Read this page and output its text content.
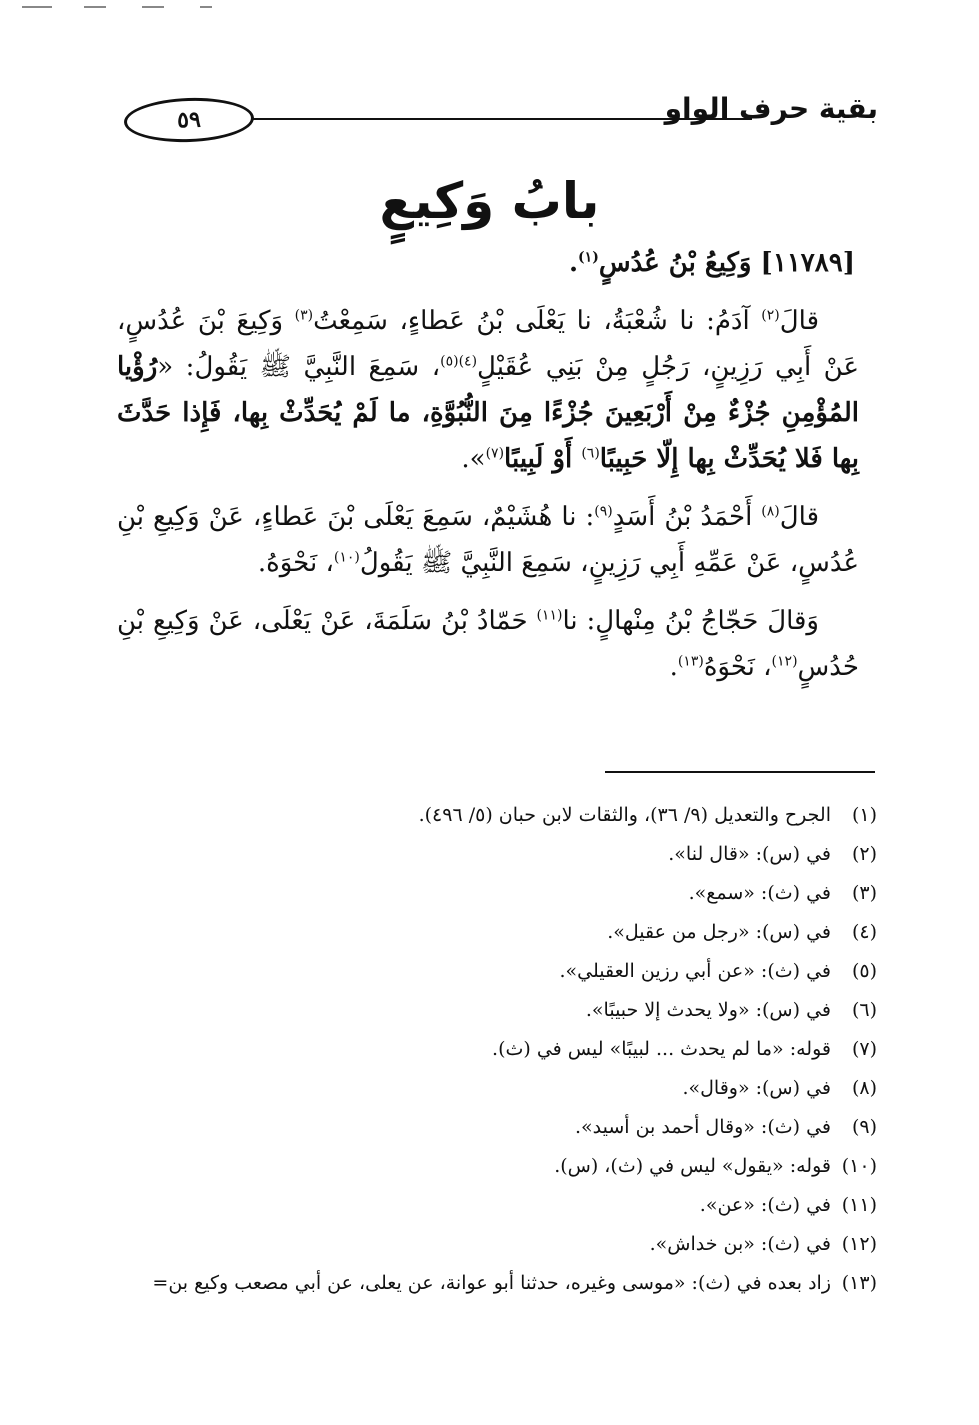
٥٩	بقية حرف الواو
بابُ وَكِيعٍ
[١١٧٨٩] وَكِيعُ بْنُ عُدُسٍ$^{(١)}$.

قالَ$^{(٢)}$ آدَمُ: نا شُعْبَةُ، نا يَعْلَى بْنُ عَطاءٍ، سَمِعْتُ$^{(٣)}$ وَكِيعَ بْنَ عُدُسٍ، عَنْ أَبِي رَزِينٍ، رَجُلٍ مِنْ بَنِي عُقَيْلٍ$^{(٤)(٥)}$، سَمِعَ النَّبِيَّ ﷺ يَقُولُ: «رُؤْيا المُؤْمِنِ جُزْءٌ مِنْ أَرْبَعِينَ جُزْءًا مِنَ النُّبُوَّةِ، ما لَمْ يُحَدِّثْ بِها، فَإِذا حَدَّثَ بِها فَلا يُحَدِّثْ بِها إِلّا حَبِيبًا$^{(٦)}$ أَوْ لَبِيبًا$^{(٧)}$».

قالَ$^{(٨)}$ أَحْمَدُ بْنُ أَسَدٍ$^{(٩)}$: نا هُشَيْمٌ، سَمِعَ يَعْلَى بْنَ عَطاءٍ، عَنْ وَكِيعِ بْنِ عُدُسٍ، عَنْ عَمِّهِ أَبِي رَزِينٍ، سَمِعَ النَّبِيَّ ﷺ يَقُولُ$^{(١٠)}$، نَحْوَهُ.

وَقالَ حَجّاجُ بْنُ مِنْهالٍ: نا$^{(١١)}$ حَمّادُ بْنُ سَلَمَةَ، عَنْ يَعْلَى، عَنْ وَكِيعِ بْنِ حُدُسٍ$^{(١٢)}$، نَحْوَهُ$^{(١٣)}$.

(١)
الجرح والتعديل (٩/ ٣٦)، والثقات لابن حبان (٥/ ٤٩٦).
(٢)
في (س): «قال لنا».
(٣)
في (ث): «سمع».
(٤)
في (س): «رجل من عقيل».
(٥)
في (ث): «عن أبي رزين العقيلي».
(٦)
في (س): «ولا يحدث إلا حبيبًا».
(٧)
قوله: «ما لم يحدث ... لبيبًا» ليس في (ث).
(٨)
في (س): «وقال».
(٩)
في (ث): «وقال أحمد بن أسيد».
(١٠)
قوله: «يقول» ليس في (ث)، (س).
(١١)
في (ث): «عن».
(١٢)
في (ث): «بن خداش».
(١٣)
زاد بعده في (ث): «موسى وغيره، حدثنا أبو عوانة، عن يعلى، عن أبي مصعب وكيع بن=
